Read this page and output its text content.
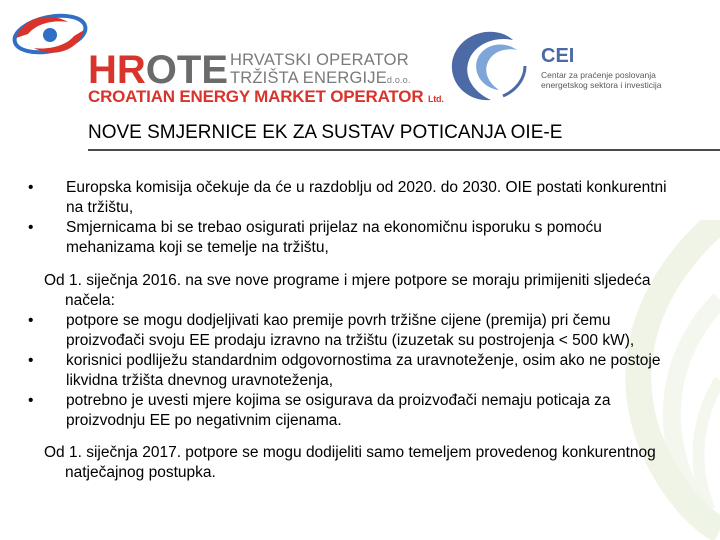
HROTE HRVATSKI OPERATOR
TRŽIŠTA ENERGIJEd.o.o.
CROATIAN ENERGY MARKET OPERATOR Ltd.
CEI
Centar za praćenje poslovanja
energetskog sektora i investicija
NOVE SMJERNICE EK ZA SUSTAV POTICANJA OIE-E
•	Europska komisija očekuje da će u razdoblju od 2020. do 2030. OIE postati konkurentni na tržištu,
•	Smjernicama bi se trebao osigurati prijelaz na ekonomičnu isporuku s pomoću mehanizama koji se temelje na tržištu,

Od 1. siječnja 2016. na sve nove programe i mjere potpore se moraju primijeniti sljedeća načela:

•	potpore se mogu dodjeljivati kao premije povrh tržišne cijene (premija) pri čemu proizvođači svoju EE prodaju izravno na tržištu (izuzetak su postrojenja < 500 kW),
•	korisnici podliježu standardnim odgovornostima za uravnoteženje, osim ako ne postoje likvidna tržišta dnevnog uravnoteženja,
•	potrebno je uvesti mjere kojima se osigurava da proizvođači nemaju poticaja za proizvodnju EE po negativnim cijenama.

Od 1. siječnja 2017. potpore se mogu dodijeliti samo temeljem provedenog konkurentnog natječajnog postupka.
